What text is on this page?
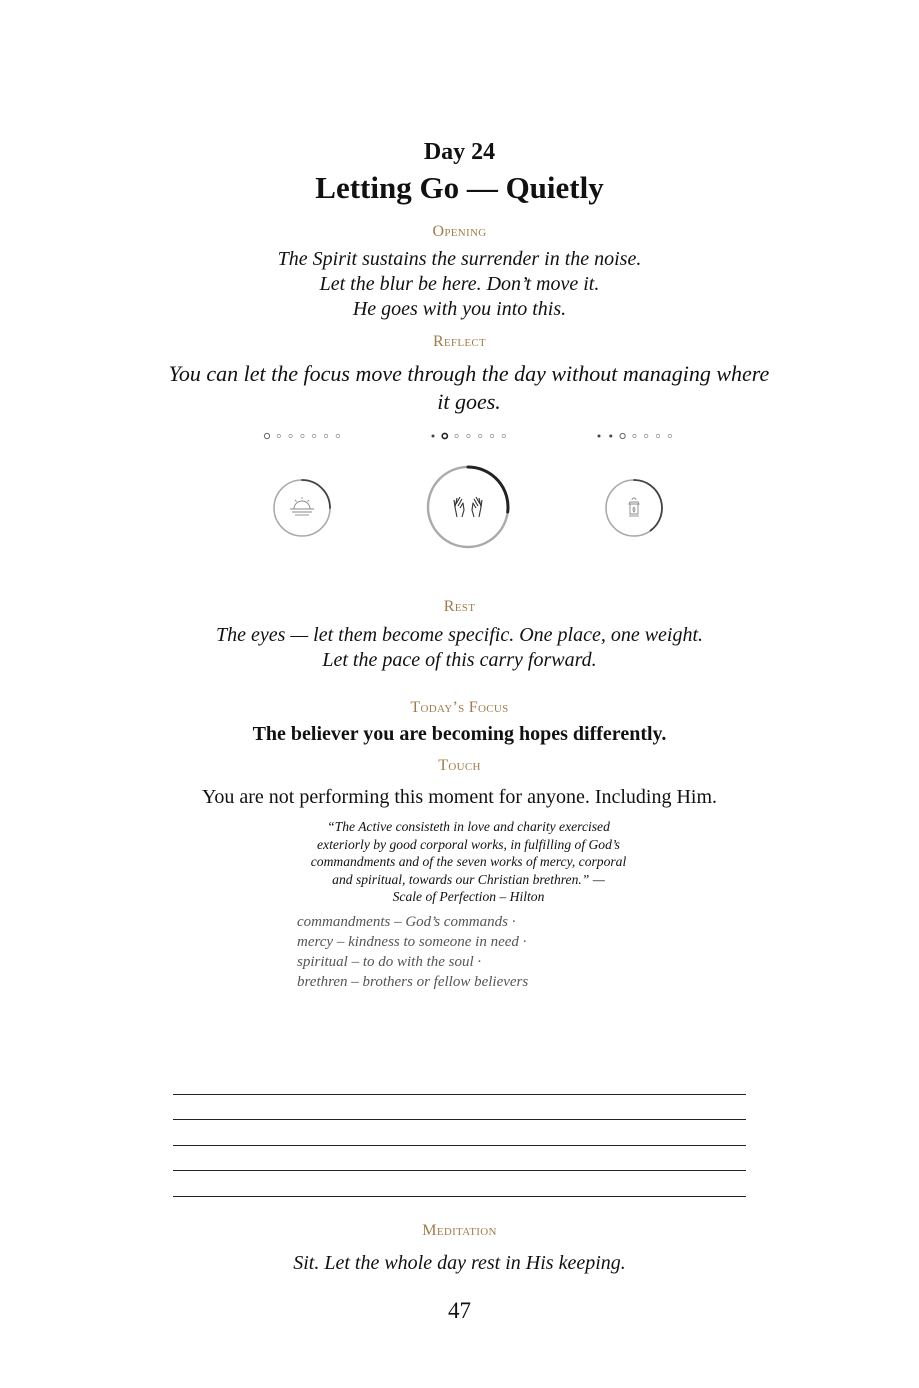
Day 24
Letting Go — Quietly
Opening
The Spirit sustains the surrender in the noise.
Let the blur be here. Don’t move it.
He goes with you into this.
Reflect
You can let the focus move through the day without managing where it goes.
Rest
The eyes — let them become specific. One place, one weight.
Let the pace of this carry forward.
Today’s Focus
The believer you are becoming hopes differently.
Touch
You are not performing this moment for anyone. Including Him.
“The Active consisteth in love and charity exercised
exteriorly by good corporal works, in fulfilling of God’s
commandments and of the seven works of mercy, corporal
and spiritual, towards our Christian brethren.” —
Scale of Perfection – Hilton
commandments – God’s commands ·
mercy – kindness to someone in need ·
spiritual – to do with the soul ·
brethren – brothers or fellow believers
Meditation
Sit. Let the whole day rest in His keeping.
47
